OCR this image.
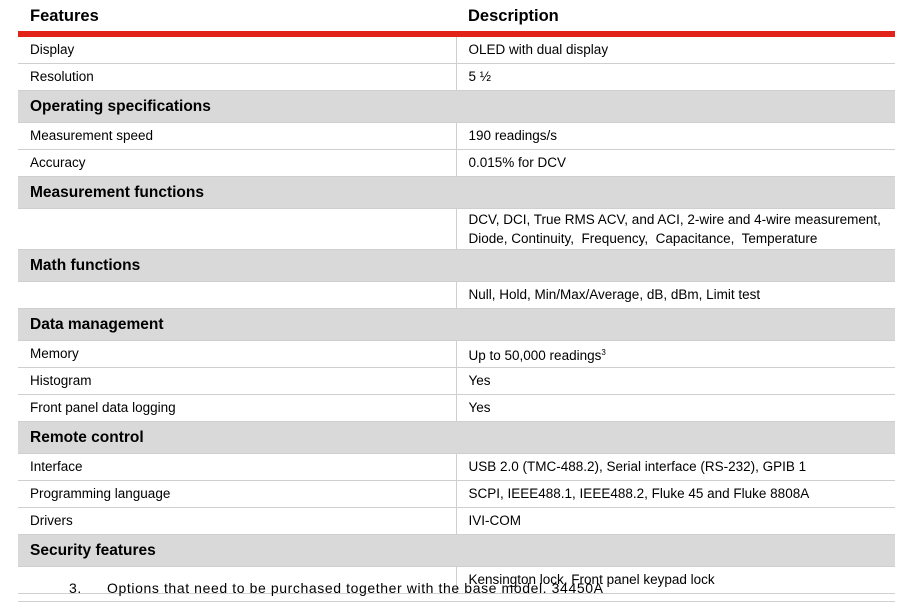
Features	Description

Display	OLED with dual display

Resolution	5 ½

Operating specifications	

Measurement speed	190 readings/s

Accuracy	0.015% for DCV

Measurement functions	

	DCV, DCI, True RMS ACV, and ACI, 2-wire and 4-wire measurement,
Diode, Continuity,  Frequency,  Capacitance,  Temperature

Math functions	

	Null, Hold, Min/Max/Average, dB, dBm, Limit test

Data management	

Memory	Up to 50,000 readings$^3$

Histogram	Yes

Front panel data logging	Yes

Remote control	

Interface	USB 2.0 (TMC-488.2), Serial interface (RS-232), GPIB 1

Programming language	SCPI, IEEE488.1, IEEE488.2, Fluke 45 and Fluke 8808A

Drivers	IVI-COM

Security features	

	Kensington lock, Front panel keypad lock
3. Options that need to be purchased together with the base model. 34450A
